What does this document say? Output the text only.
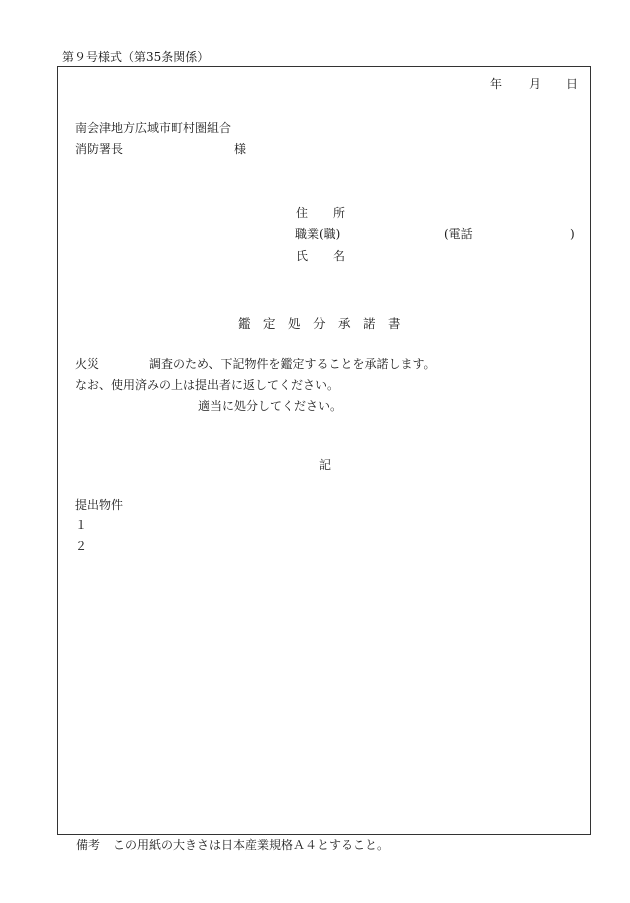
第９号様式（第35条関係）
年 月 日
南会津地方広域市町村圏組合
消防署長	様
住 所
職業(職)	(電話	)
氏 名
鑑　定　処　分　承　諾　書
火災	調査のため、下記物件を鑑定することを承諾します。
なお、使用済みの上は提出者に返してください。
適当に処分してください。
記
提出物件
１
２
備考 この用紙の大きさは日本産業規格Ａ４とすること。
